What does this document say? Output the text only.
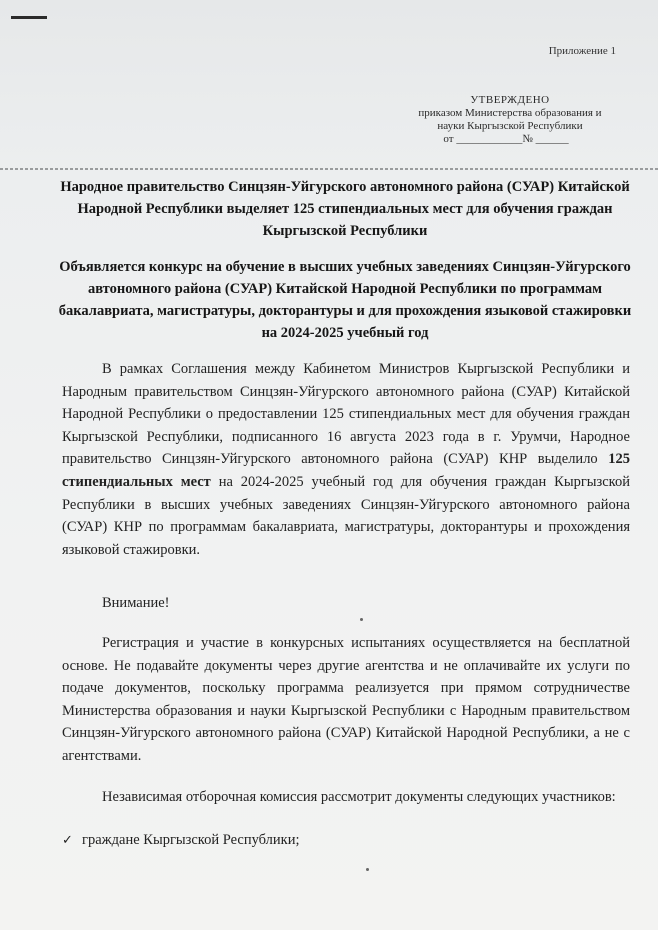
Приложение 1
УТВЕРЖДЕНО
приказом Министерства образования и
науки Кыргызской Республики
от ____________№ ______
Народное правительство Синцзян-Уйгурского автономного района (СУАР) Китайской Народной Республики выделяет 125 стипендиальных мест для обучения граждан Кыргызской Республики
Объявляется конкурс на обучение в высших учебных заведениях Синцзян-Уйгурского автономного района (СУАР) Китайской Народной Республики по программам бакалавриата, магистратуры, докторантуры и для прохождения языковой стажировки на 2024-2025 учебный год
В рамках Соглашения между Кабинетом Министров Кыргызской Республики и Народным правительством Синцзян-Уйгурского автономного района (СУАР) Китайской Народной Республики о предоставлении 125 стипендиальных мест для обучения граждан Кыргызской Республики, подписанного 16 августа 2023 года в г. Урумчи, Народное правительство Синцзян-Уйгурского автономного района (СУАР) КНР выделило 125 стипендиальных мест на 2024-2025 учебный год для обучения граждан Кыргызской Республики в высших учебных заведениях Синцзян-Уйгурского автономного района (СУАР) КНР по программам бакалавриата, магистратуры, докторантуры и прохождения языковой стажировки.
Внимание!
Регистрация и участие в конкурсных испытаниях осуществляется на бесплатной основе. Не подавайте документы через другие агентства и не оплачивайте их услуги по подаче документов, поскольку программа реализуется при прямом сотрудничестве Министерства образования и науки Кыргызской Республики с Народным правительством Синцзян-Уйгурского автономного района (СУАР) Китайской Народной Республики, а не с агентствами.
Независимая отборочная комиссия рассмотрит документы следующих участников:
✓ граждане Кыргызской Республики;
